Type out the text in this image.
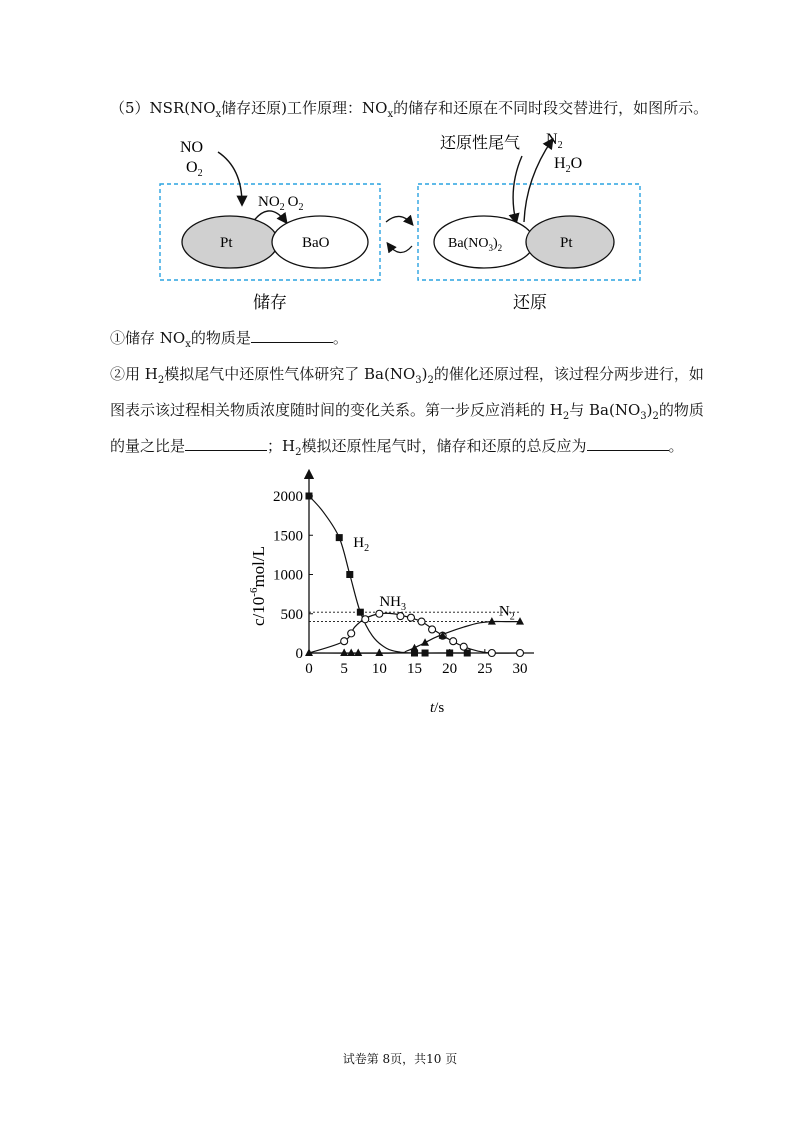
$(5)NSR(NO_x$储存还原)工作原理：$NO_x$的储存和还原在不同时段交替进行，如图所示。
NO
$O_2$
$NO_2$ $O_2$
Pt	BaO
储存	还原
还原性尾气 $N_2$
$H_2O$
$Ba(NO_3)_2$	Pt
①储存 $NO_x$的物质是	。
②用 $H_2$模拟尾气中还原性气体研究了 $Ba(NO_3)_2$的催化还原过程，该过程分两步进行，如
图表示该过程相关物质浓度随时间的变化关系。第一步反应消耗的 $H_2$与 $Ba(NO_3)_2$的物质
的量之比是	；$H_2$模拟还原性尾气时，储存和还原的总反应为	。
$c/10^{-6}mol/L$
t/s
0 5 10 15 20 25 30
0
500
1000
1500
2000
$H_2$
$NH_3$	$N_2$
试卷第 8页，共10 页
